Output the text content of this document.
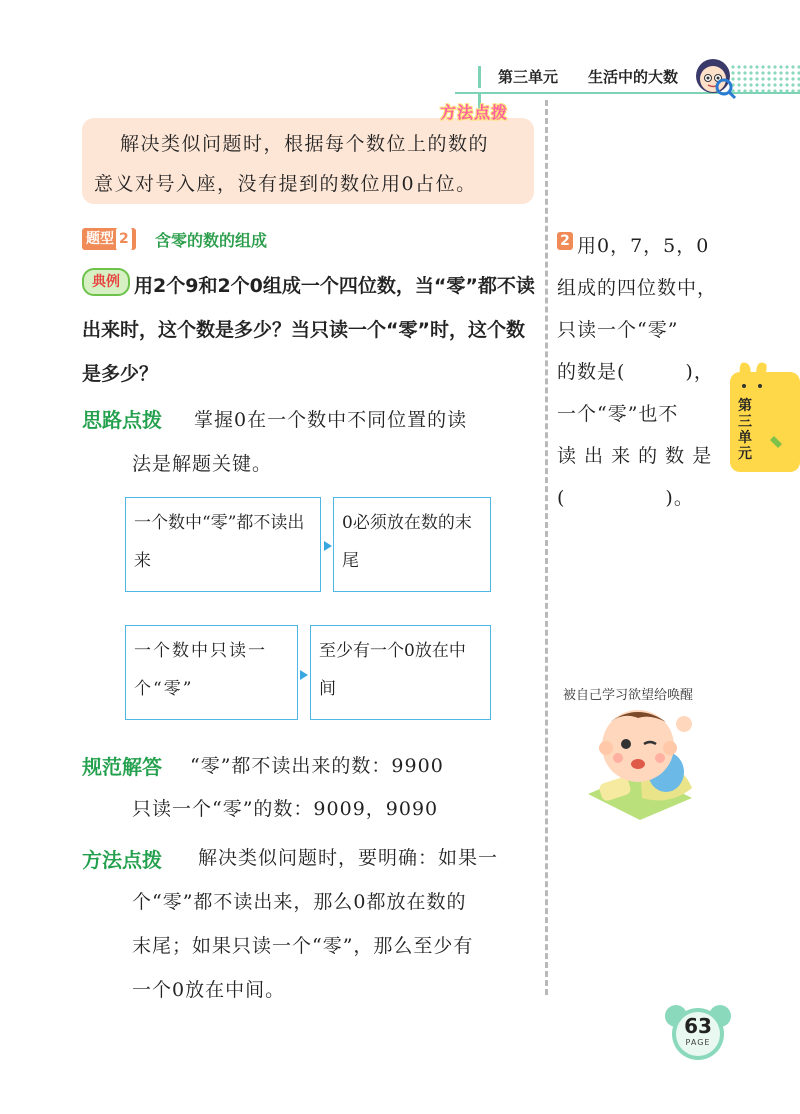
第三单元 生活中的大数
方法点拨
解决类似问题时，根据每个数位上的数的
意义对号入座，没有提到的数位用0占位。
题型 2	含零的数的组成
用2个9和2个0组成一个四位数，当“零”都不读出来时，这个数是多少？当只读一个“零”时，这个数是多少？
典例
思路点拨 掌握0在一个数中不同位置的读
法是解题关键。
一个数中“零”都不读出来
0必须放在数的末尾
一个数中只读一个“零”
至少有一个0放在中间
规范解答 “零”都不读出来的数：9900
只读一个“零”的数：9009，9090
方法点拨 解决类似问题时，要明确：如果一
个“零”都不读出来，那么0都放在数的
末尾；如果只读一个“零”，那么至少有
一个0放在中间。
用0，7，5，0
组成的四位数中，
只读一个“零”
的数是(　　　)，
一个“零”也不
读 出 来 的 数 是
(　　　　　)。
2
第三单元
被自己学习欲望给唤醒
63
PAGE
